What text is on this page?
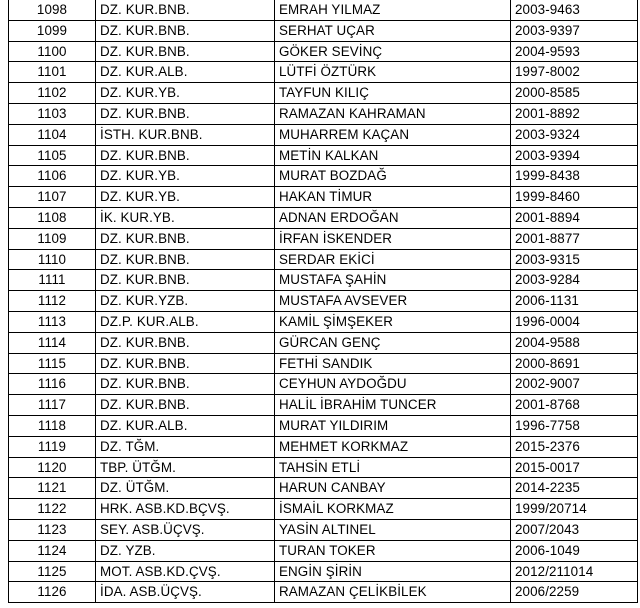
1098	DZ. KUR.BNB.	EMRAH YILMAZ	2003-9463
1099	DZ. KUR.BNB.	SERHAT UÇAR	2003-9397
1100	DZ. KUR.BNB.	GÖKER SEVİNÇ	2004-9593
1101	DZ. KUR.ALB.	LÜTFİ ÖZTÜRK	1997-8002
1102	DZ. KUR.YB.	TAYFUN KILIÇ	2000-8585
1103	DZ. KUR.BNB.	RAMAZAN KAHRAMAN	2001-8892
1104	İSTH. KUR.BNB.	MUHARREM KAÇAN	2003-9324
1105	DZ. KUR.BNB.	METİN KALKAN	2003-9394
1106	DZ. KUR.YB.	MURAT BOZDAĞ	1999-8438
1107	DZ. KUR.YB.	HAKAN TİMUR	1999-8460
1108	İK. KUR.YB.	ADNAN ERDOĞAN	2001-8894
1109	DZ. KUR.BNB.	İRFAN İSKENDER	2001-8877
1110	DZ. KUR.BNB.	SERDAR EKİCİ	2003-9315
1111	DZ. KUR.BNB.	MUSTAFA ŞAHİN	2003-9284
1112	DZ. KUR.YZB.	MUSTAFA AVSEVER	2006-1131
1113	DZ.P. KUR.ALB.	KAMİL ŞİMŞEKER	1996-0004
1114	DZ. KUR.BNB.	GÜRCAN GENÇ	2004-9588
1115	DZ. KUR.BNB.	FETHİ SANDIK	2000-8691
1116	DZ. KUR.BNB.	CEYHUN AYDOĞDU	2002-9007
1117	DZ. KUR.BNB.	HALİL İBRAHİM TUNCER	2001-8768
1118	DZ. KUR.ALB.	MURAT YILDIRIM	1996-7758
1119	DZ. TĞM.	MEHMET KORKMAZ	2015-2376
1120	TBP. ÜTĞM.	TAHSİN ETLİ	2015-0017
1121	DZ. ÜTĞM.	HARUN CANBAY	2014-2235
1122	HRK. ASB.KD.BÇVŞ.	İSMAİL KORKMAZ	1999/20714
1123	SEY. ASB.ÜÇVŞ.	YASİN ALTINEL	2007/2043
1124	DZ. YZB.	TURAN TOKER	2006-1049
1125	MOT. ASB.KD.ÇVŞ.	ENGİN ŞİRİN	2012/211014
1126	İDA. ASB.ÜÇVŞ.	RAMAZAN ÇELİKBİLEK	2006/2259
